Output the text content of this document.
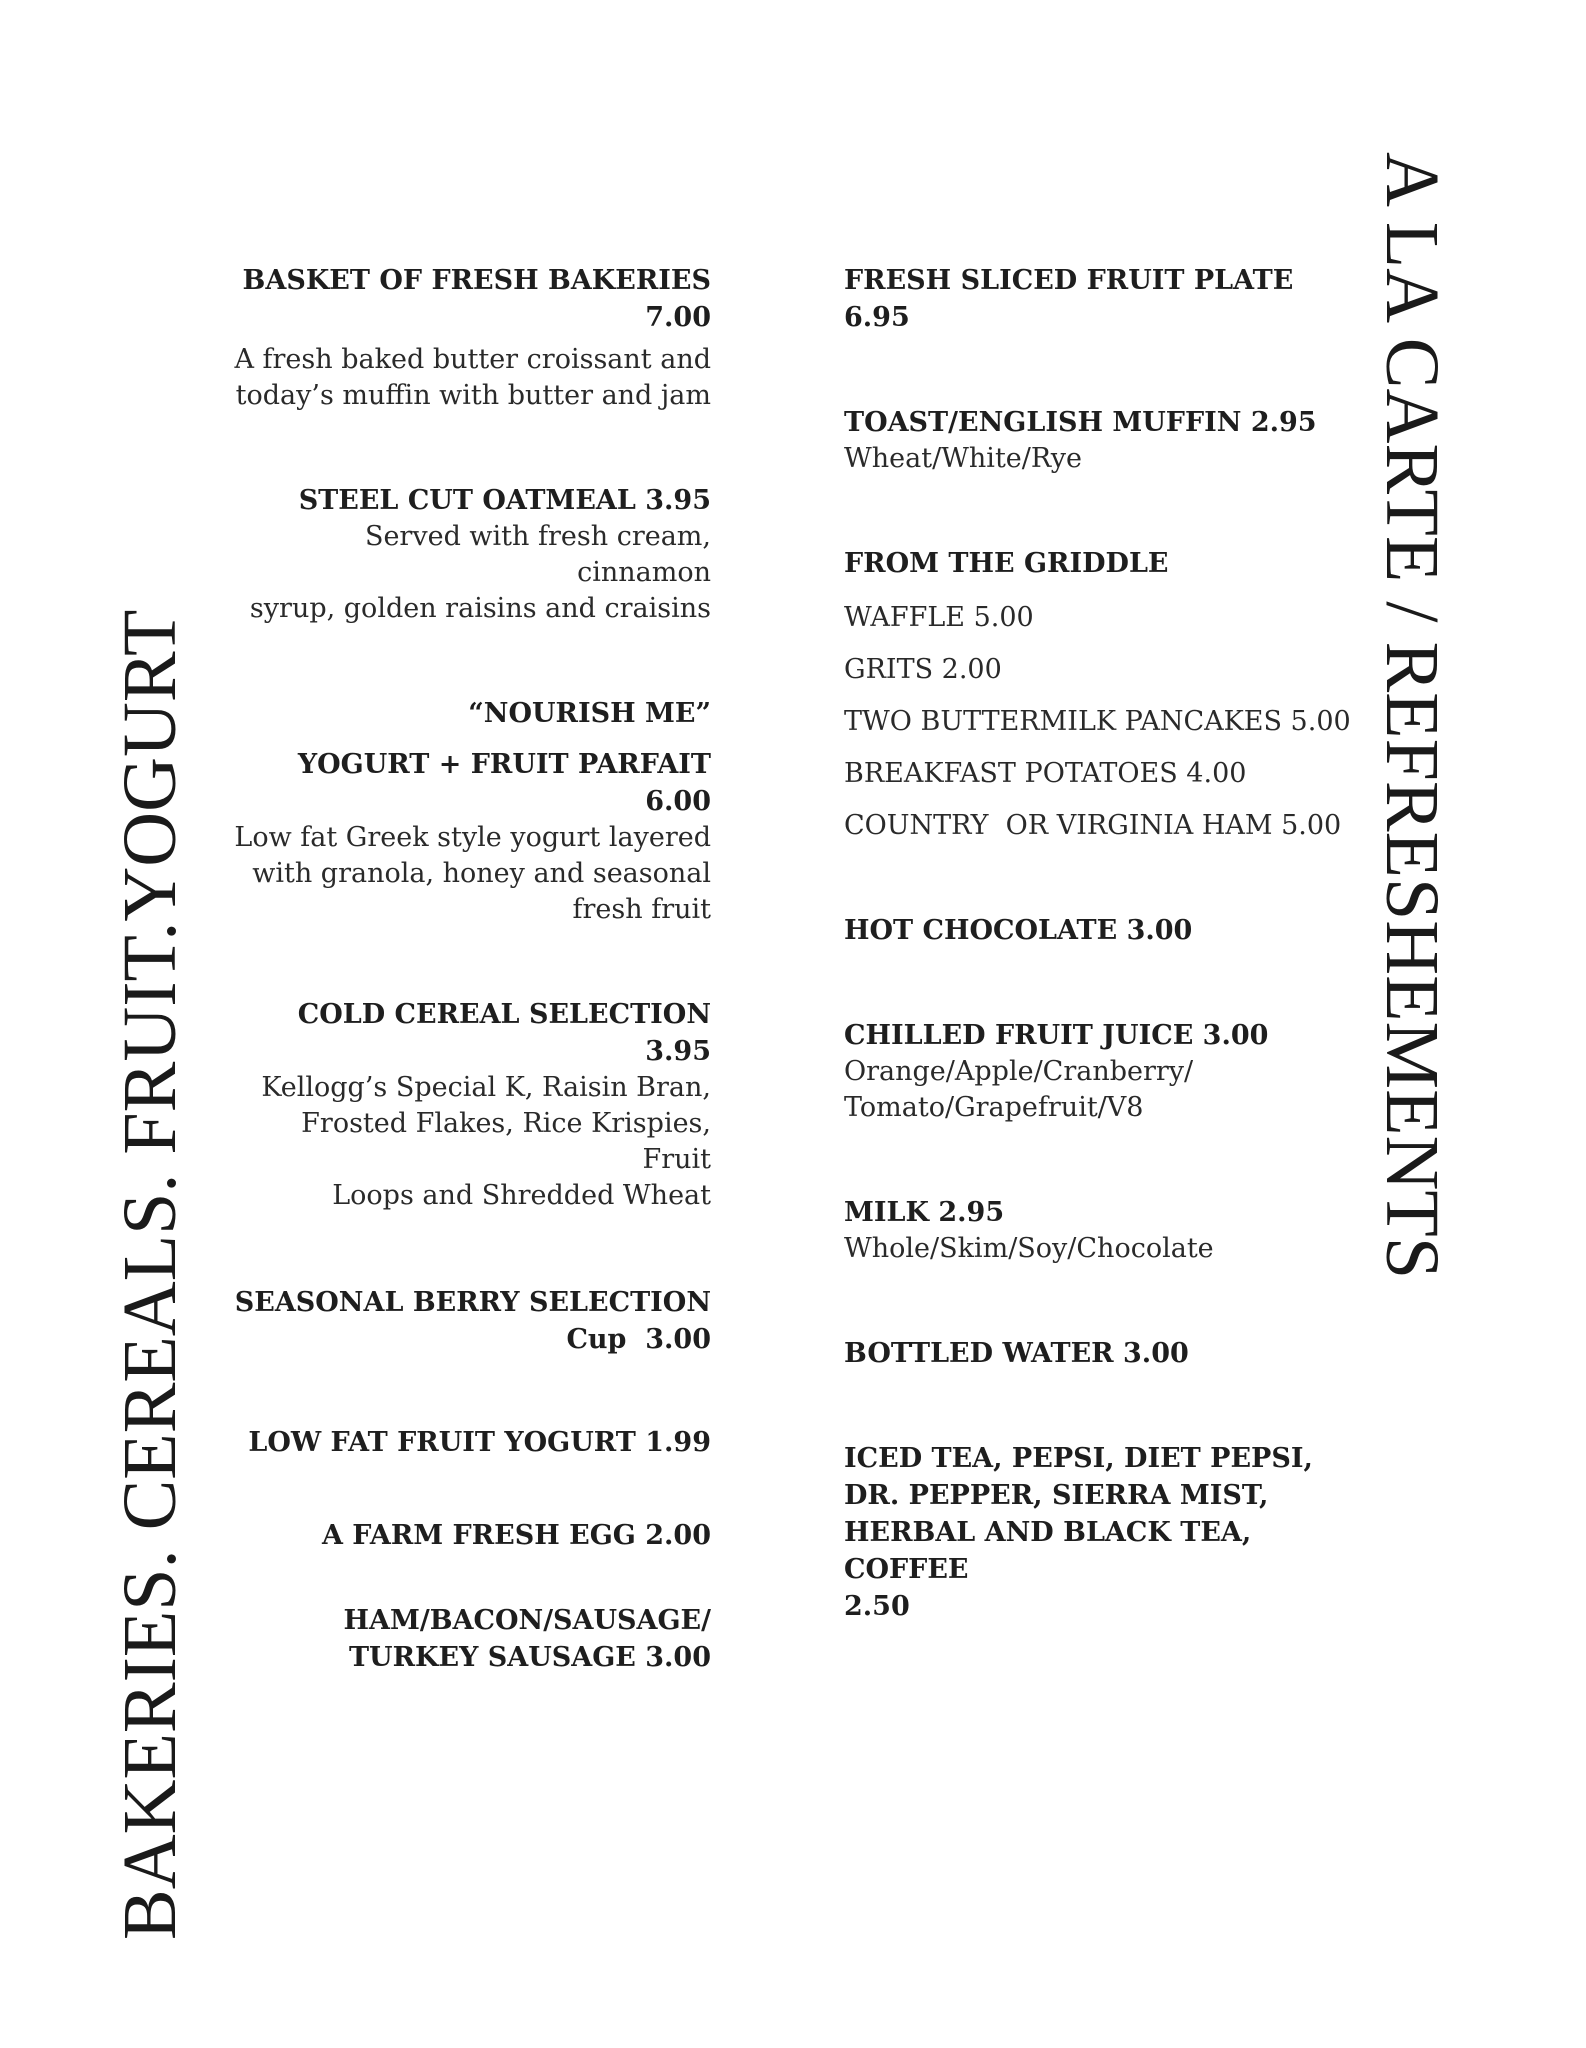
BAKERIES. CEREALS. FRUIT.YOGURT	A LA CARTE / REFRESHEMENTS
BASKET OF FRESH BAKERIES
7.00
A fresh baked butter croissant and
today’s muffin with butter and jam
STEEL CUT OATMEAL 3.95
Served with fresh cream, cinnamon
syrup, golden raisins and craisins
“NOURISH ME”
YOGURT + FRUIT PARFAIT 6.00
Low fat Greek style yogurt layered
with granola, honey and seasonal
fresh fruit
COLD CEREAL SELECTION 3.95
Kellogg’s Special K, Raisin Bran,
Frosted Flakes, Rice Krispies, Fruit
Loops and Shredded Wheat
SEASONAL BERRY SELECTION
Cup  3.00
LOW FAT FRUIT YOGURT 1.99
A FARM FRESH EGG 2.00
HAM/BACON/SAUSAGE/
TURKEY SAUSAGE 3.00
FRESH SLICED FRUIT PLATE 6.95
TOAST/ENGLISH MUFFIN 2.95
Wheat/White/Rye
FROM THE GRIDDLE
WAFFLE 5.00
GRITS 2.00
TWO BUTTERMILK PANCAKES 5.00
BREAKFAST POTATOES 4.00
COUNTRY  OR VIRGINIA HAM 5.00
HOT CHOCOLATE 3.00
CHILLED FRUIT JUICE 3.00
Orange/Apple/Cranberry/
Tomato/Grapefruit/V8
MILK 2.95
Whole/Skim/Soy/Chocolate
BOTTLED WATER 3.00
ICED TEA, PEPSI, DIET PEPSI,
DR. PEPPER, SIERRA MIST,
HERBAL AND BLACK TEA, COFFEE
2.50
